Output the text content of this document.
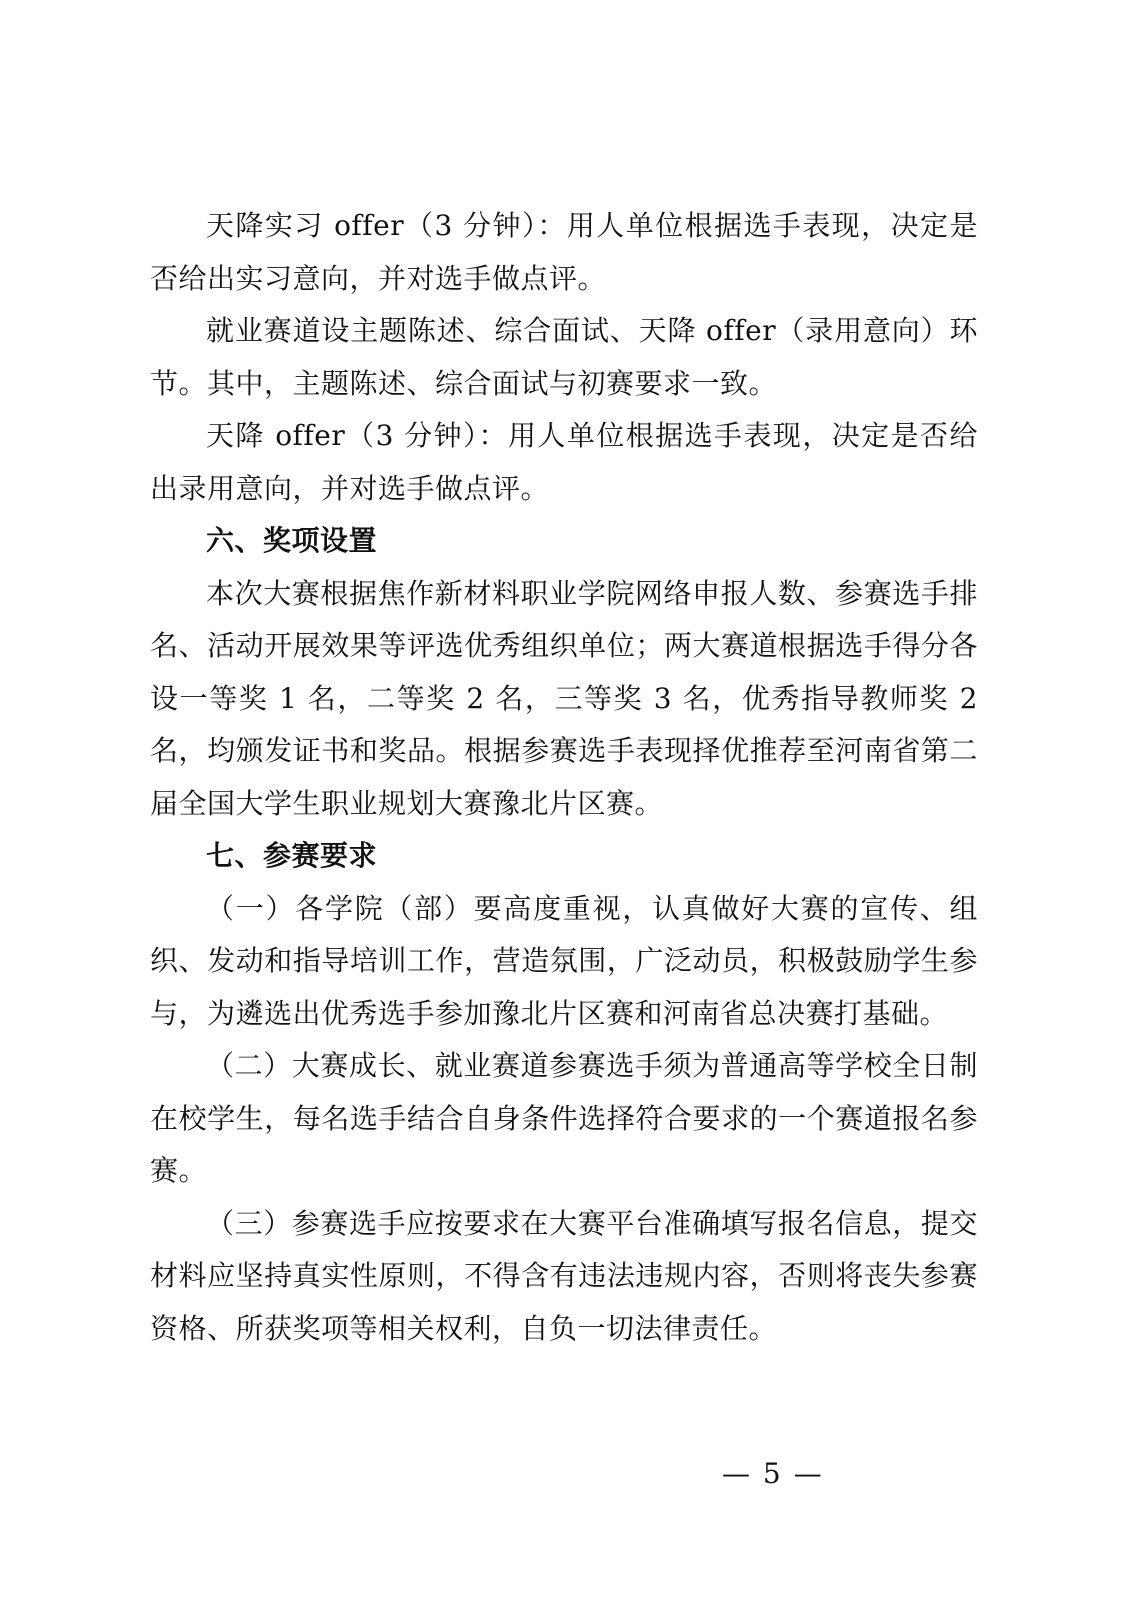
天降实习 offer（3 分钟）：用人单位根据选手表现，决定是否给出实习意向，并对选手做点评。

就业赛道设主题陈述、综合面试、天降 offer（录用意向）环节。其中，主题陈述、综合面试与初赛要求一致。

天降 offer（3 分钟）：用人单位根据选手表现，决定是否给出录用意向，并对选手做点评。

六、奖项设置

本次大赛根据焦作新材料职业学院网络申报人数、参赛选手排名、活动开展效果等评选优秀组织单位；两大赛道根据选手得分各设一等奖 1 名，二等奖 2 名，三等奖 3 名，优秀指导教师奖 2 名，均颁发证书和奖品。根据参赛选手表现择优推荐至河南省第二届全国大学生职业规划大赛豫北片区赛。

七、参赛要求

（一）各学院（部）要高度重视，认真做好大赛的宣传、组织、发动和指导培训工作，营造氛围，广泛动员，积极鼓励学生参与，为遴选出优秀选手参加豫北片区赛和河南省总决赛打基础。

（二）大赛成长、就业赛道参赛选手须为普通高等学校全日制在校学生，每名选手结合自身条件选择符合要求的一个赛道报名参赛。

（三）参赛选手应按要求在大赛平台准确填写报名信息，提交材料应坚持真实性原则，不得含有违法违规内容，否则将丧失参赛资格、所获奖项等相关权利，自负一切法律责任。

— 5 —
